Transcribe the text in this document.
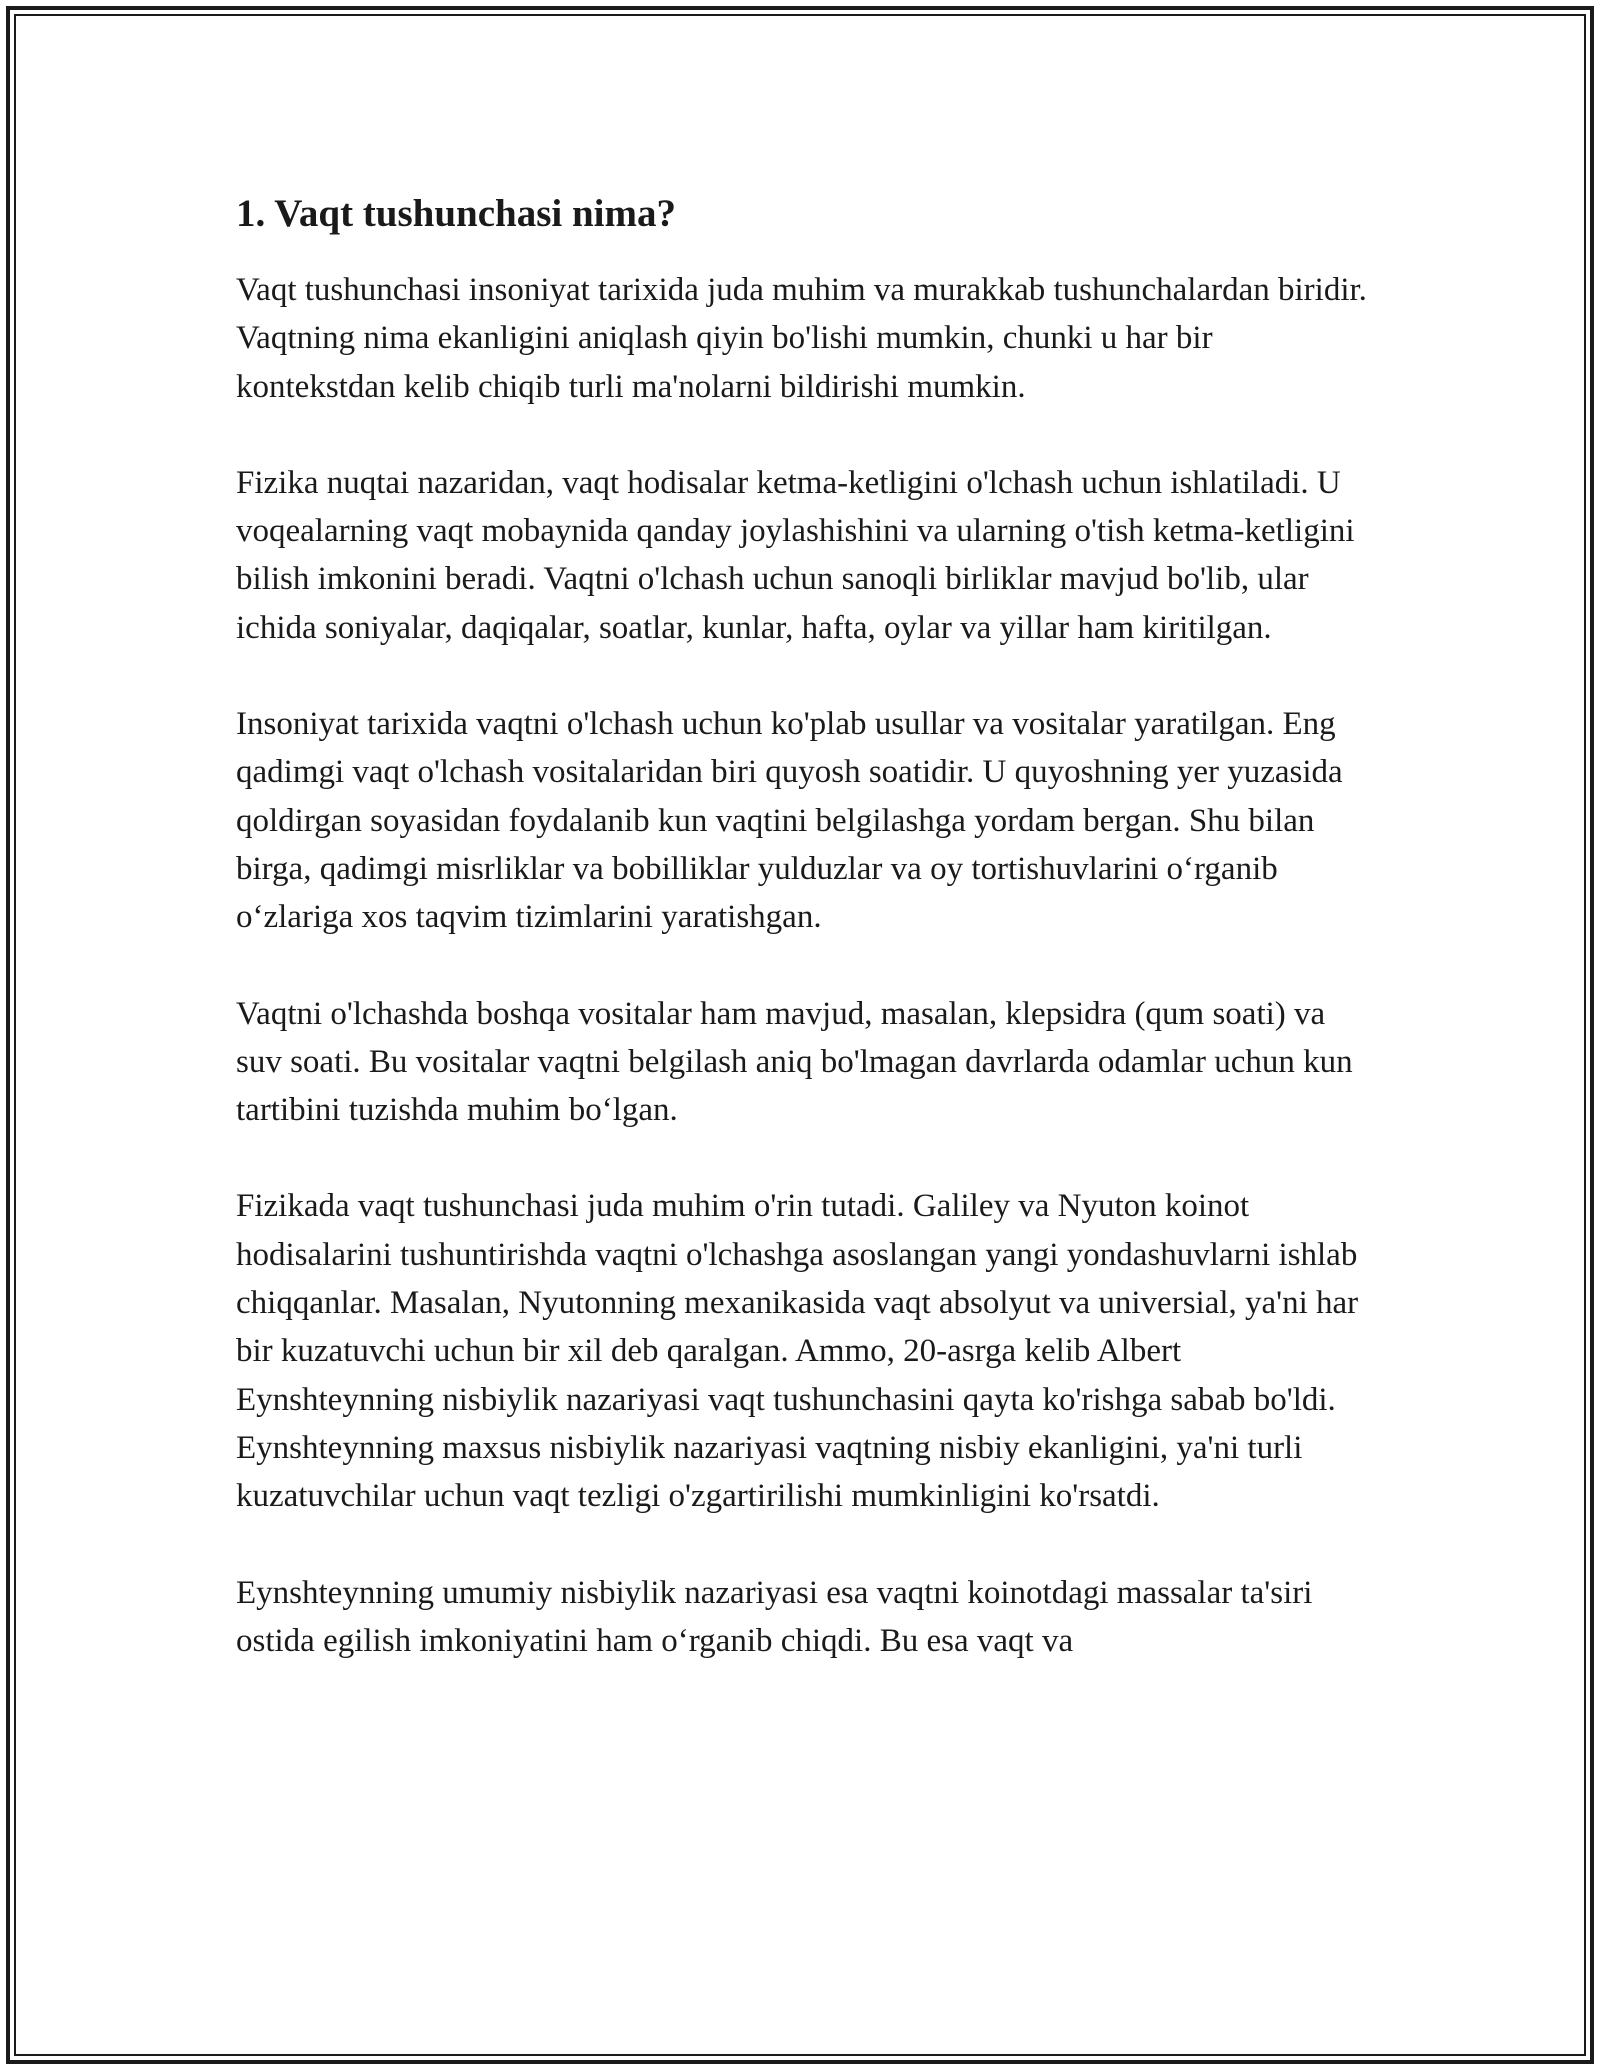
1. Vaqt tushunchasi nima?

Vaqt tushunchasi insoniyat tarixida juda muhim va murakkab tushunchalardan biridir. Vaqtning nima ekanligini aniqlash qiyin bo'lishi mumkin, chunki u har bir kontekstdan kelib chiqib turli ma'nolarni bildirishi mumkin.

Fizika nuqtai nazaridan, vaqt hodisalar ketma-ketligini o'lchash uchun ishlatiladi. U voqealarning vaqt mobaynida qanday joylashishini va ularning o'tish ketma-ketligini bilish imkonini beradi. Vaqtni o'lchash uchun sanoqli birliklar mavjud bo'lib, ular ichida soniyalar, daqiqalar, soatlar, kunlar, hafta, oylar va yillar ham kiritilgan.

Insoniyat tarixida vaqtni o'lchash uchun ko'plab usullar va vositalar yaratilgan. Eng qadimgi vaqt o'lchash vositalaridan biri quyosh soatidir. U quyoshning yer yuzasida qoldirgan soyasidan foydalanib kun vaqtini belgilashga yordam bergan. Shu bilan birga, qadimgi misrliklar va bobilliklar yulduzlar va oy tortishuvlarini o‘rganib o‘zlariga xos taqvim tizimlarini yaratishgan.

Vaqtni o'lchashda boshqa vositalar ham mavjud, masalan, klepsidra (qum soati) va suv soati. Bu vositalar vaqtni belgilash aniq bo'lmagan davrlarda odamlar uchun kun tartibini tuzishda muhim bo‘lgan.

Fizikada vaqt tushunchasi juda muhim o'rin tutadi. Galiley va Nyuton koinot hodisalarini tushuntirishda vaqtni o'lchashga asoslangan yangi yondashuvlarni ishlab chiqqanlar. Masalan, Nyutonning mexanikasida vaqt absolyut va universial, ya'ni har bir kuzatuvchi uchun bir xil deb qaralgan. Ammo, 20-asrga kelib Albert Eynshteynning nisbiylik nazariyasi vaqt tushunchasini qayta ko'rishga sabab bo'ldi. Eynshteynning maxsus nisbiylik nazariyasi vaqtning nisbiy ekanligini, ya'ni turli kuzatuvchilar uchun vaqt tezligi o'zgartirilishi mumkinligini ko'rsatdi.

Eynshteynning umumiy nisbiylik nazariyasi esa vaqtni koinotdagi massalar ta'siri ostida egilish imkoniyatini ham o‘rganib chiqdi. Bu esa vaqt va
